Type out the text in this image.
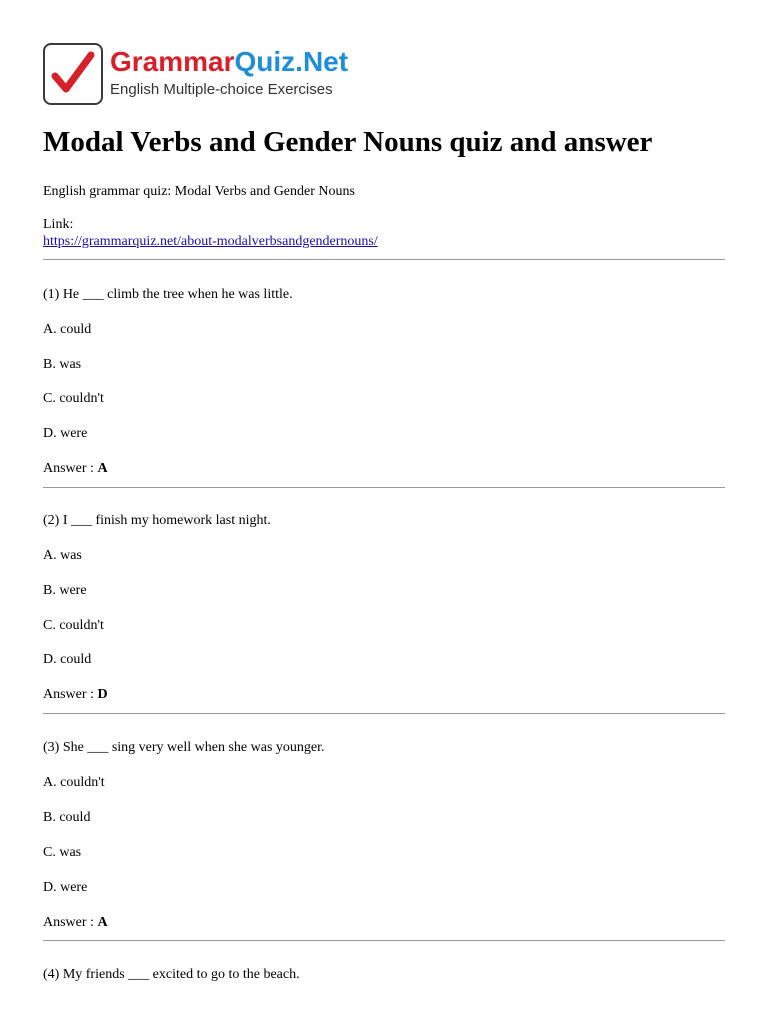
GrammarQuiz.Net
English Multiple-choice Exercises
Modal Verbs and Gender Nouns quiz and answer
English grammar quiz: Modal Verbs and Gender Nouns
Link:
https://grammarquiz.net/about-modalverbsandgendernouns/
(1) He ___ climb the tree when he was little.
A. could
B. was
C. couldn't
D. were
Answer : A
(2) I ___ finish my homework last night.
A. was
B. were
C. couldn't
D. could
Answer : D
(3) She ___ sing very well when she was younger.
A. couldn't
B. could
C. was
D. were
Answer : A
(4) My friends ___ excited to go to the beach.
